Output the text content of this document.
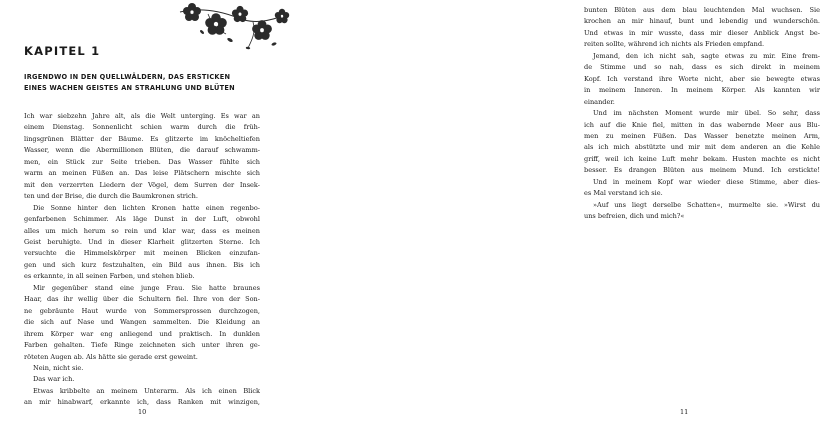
KAPITEL 1
IRGENDWO IN DEN QUELLWÄLDERN, DAS ERSTICKEN
EINES WACHEN GEISTES AN STRAHLUNG UND BLÜTEN
Ich war siebzehn Jahre alt, als die Welt unterging. Es war an
einem Dienstag. Sonnenlicht schien warm durch die früh-
lingsgrünen Blätter der Bäume. Es glitzerte im knöcheltiefen
Wasser, wenn die Abermillionen Blüten, die darauf schwamm-
men, ein Stück zur Seite trieben. Das Wasser fühlte sich
warm an meinen Füßen an. Das leise Plätschern mischte sich
mit den verzerrten Liedern der Vögel, dem Surren der Insek-
ten und der Brise, die durch die Baumkronen strich.
Die Sonne hinter den lichten Kronen hatte einen regenbo-
genfarbenen Schimmer. Als läge Dunst in der Luft, obwohl
alles um mich herum so rein und klar war, dass es meinen
Geist beruhigte. Und in dieser Klarheit glitzerten Sterne. Ich
versuchte die Himmelskörper mit meinen Blicken einzufan-
gen und sich kurz festzuhalten, ein Bild aus ihnen. Bis ich
es erkannte, in all seinen Farben, und stehen blieb.
Mir gegenüber stand eine junge Frau. Sie hatte braunes
Haar, das ihr wellig über die Schultern fiel. Ihre von der Son-
ne gebräunte Haut wurde von Sommersprossen durchzogen,
die sich auf Nase und Wangen sammelten. Die Kleidung an
ihrem Körper war eng anliegend und praktisch. In dunklen
Farben gehalten. Tiefe Ringe zeichneten sich unter ihren ge-
röteten Augen ab. Als hätte sie gerade erst geweint.
Nein, nicht sie.
Das war ich.
Etwas kribbelte an meinem Unterarm. Als ich einen Blick
an mir hinabwarf, erkannte ich, dass Ranken mit winzigen,
10
bunten Blüten aus dem blau leuchtenden Mal wuchsen. Sie
krochen an mir hinauf, bunt und lebendig und wunderschön.
Und etwas in mir wusste, dass mir dieser Anblick Angst be-
reiten sollte, während ich nichts als Frieden empfand.
Jemand, den ich nicht sah, sagte etwas zu mir. Eine frem-
de Stimme und so nah, dass es sich direkt in meinem
Kopf. Ich verstand ihre Worte nicht, aber sie bewegte etwas
in meinem Inneren. In meinem Körper. Als kannten wir
einander.
Und im nächsten Moment wurde mir übel. So sehr, dass
ich auf die Knie fiel, mitten in das wabernde Meer aus Blu-
men zu meinen Füßen. Das Wasser benetzte meinen Arm,
als ich mich abstützte und mir mit dem anderen an die Kehle
griff, weil ich keine Luft mehr bekam. Husten machte es nicht
besser. Es drangen Blüten aus meinem Mund. Ich erstickte!
Und in meinem Kopf war wieder diese Stimme, aber dies-
es Mal verstand ich sie.
»Auf uns liegt derselbe Schatten«, murmelte sie. »Wirst du
uns befreien, dich und mich?«
11
